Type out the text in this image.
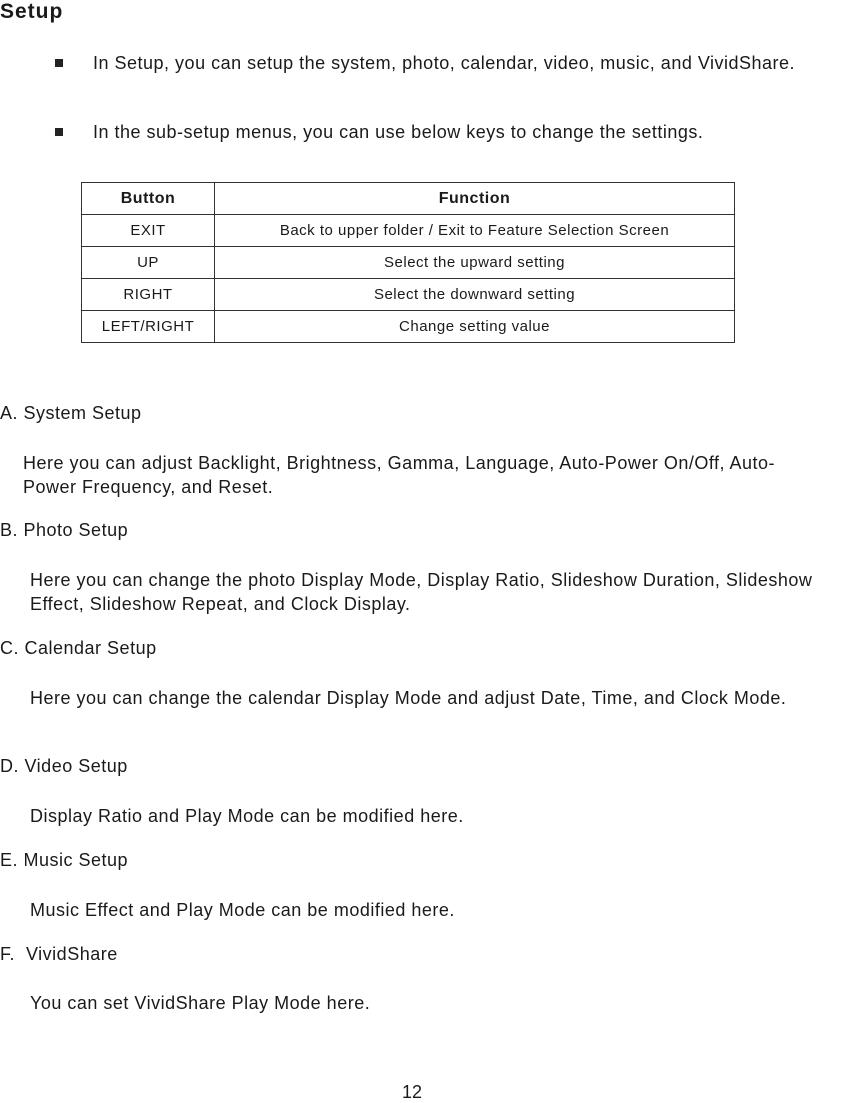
Setup
In Setup, you can setup the system, photo, calendar, video, music, and VividShare.
In the sub-setup menus, you can use below keys to change the settings.
Button	Function
EXIT	Back to upper folder / Exit to Feature Selection Screen
UP	Select the upward setting
RIGHT	Select the downward setting
LEFT/RIGHT	Change setting value
A. System Setup
Here you can adjust Backlight, Brightness, Gamma, Language, Auto-Power On/Off, Auto-Power Frequency, and Reset.
B. Photo Setup
Here you can change the photo Display Mode, Display Ratio, Slideshow Duration, Slideshow Effect, Slideshow Repeat, and Clock Display.
C. Calendar Setup
Here you can change the calendar Display Mode and adjust Date, Time, and Clock Mode.
D. Video Setup
Display Ratio and Play Mode can be modified here.
E. Music Setup
Music Effect and Play Mode can be modified here.
F.  VividShare
You can set VividShare Play Mode here.
12
